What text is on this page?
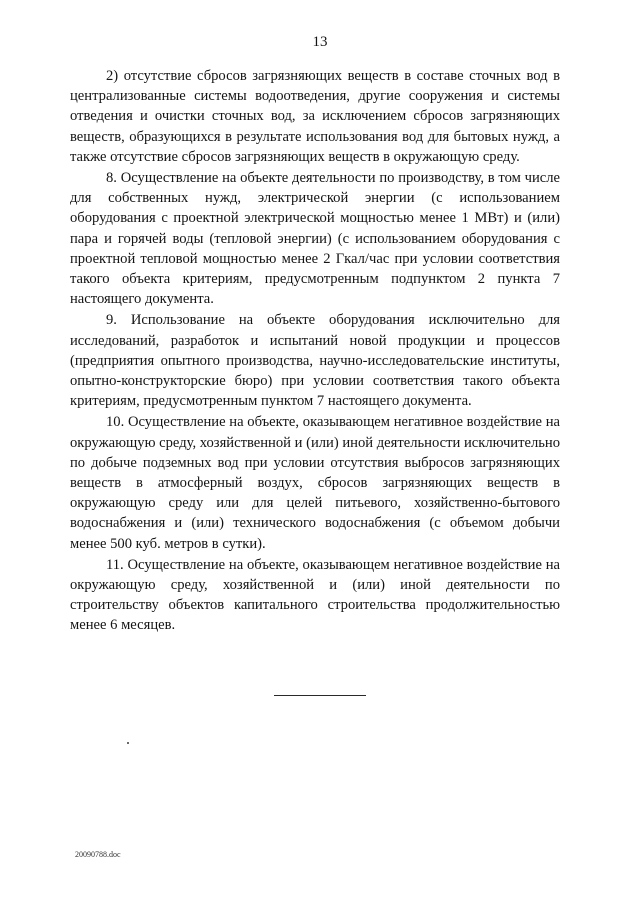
13

2) отсутствие сбросов загрязняющих веществ в составе сточных вод в централизованные системы водоотведения, другие сооружения и системы отведения и очистки сточных вод, за исключением сбросов загрязняющих веществ, образующихся в результате использования вод для бытовых нужд, а также отсутствие сбросов загрязняющих веществ в окружающую среду.

8. Осуществление на объекте деятельности по производству, в том числе для собственных нужд, электрической энергии (с использованием оборудования с проектной электрической мощностью менее 1 МВт) и (или) пара и горячей воды (тепловой энергии) (с использованием оборудования с проектной тепловой мощностью менее 2 Гкал/час при условии соответствия такого объекта критериям, предусмотренным подпунктом 2 пункта 7 настоящего документа.

9. Использование на объекте оборудования исключительно для исследований, разработок и испытаний новой продукции и процессов (предприятия опытного производства, научно-исследовательские институты, опытно-конструкторские бюро) при условии соответствия такого объекта критериям, предусмотренным пунктом 7 настоящего документа.

10. Осуществление на объекте, оказывающем негативное воздействие на окружающую среду, хозяйственной и (или) иной деятельности исключительно по добыче подземных вод при условии отсутствия выбросов загрязняющих веществ в атмосферный воздух, сбросов загрязняющих веществ в окружающую среду или для целей питьевого, хозяйственно-бытового водоснабжения и (или) технического водоснабжения (с объемом добычи менее 500 куб. метров в сутки).

11. Осуществление на объекте, оказывающем негативное воздействие на окружающую среду, хозяйственной и (или) иной деятельности по строительству объектов капитального строительства продолжительностью менее 6 месяцев.

20090788.doc
